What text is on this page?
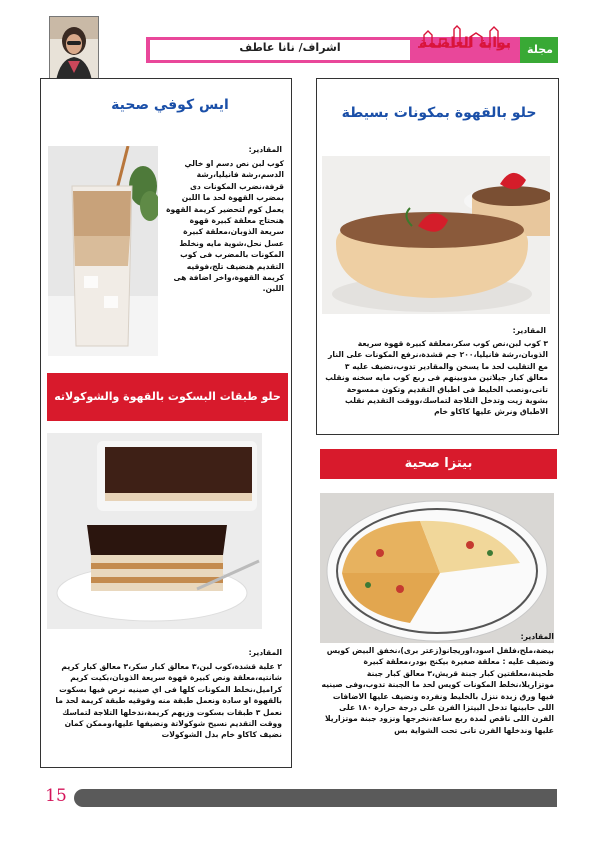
اشراف/ نانا عاطف	مجلة
بوابة العاصمة
ايس كوفي صحية
المقادير:
كوب لبن نص دسم او خالي الدسم،رشة فانيليا،رشة قرفة،نضرب المكونات دى بمضرب القهوة لحد ما اللبن يعمل كوم لتحضير كريمة القهوة هنحتاج معلقة كبيرة قهوة سريعة الذوبان،معلقة كبيرة عسل نحل،شوية مايه ونخلط المكونات بالمضرب فى كوب التقديم هنضيف تلج،فوقيه كريمة القهوة،واخر اضافة هى اللبن.
حلو طبقات البسكوت بالقهوة والشوكولاته
المقادير:
٢ علبة قشدة،كوب لبن،٣ معالق كبار سكر،٣ معالق كبار كريم شانتيه،معلقة ونص كبيرة قهوة سريعة الذوبان،بكيت كريم كراميل،نخلط المكونات كلها فى اي صينيه نرص فيها بسكوت بالقهوة او سادة ونعمل طبقة منه وفوقيه طبقة كريمة لحد ما نعمل ٣ طبقات بسكوت وزيهم كريمة،ندخلها التلاجة لتماسك ووقت التقديم نسيح شوكولاتة ونضيفها عليها،وممكن كمان نضيف كاكاو خام بدل الشوكولات
حلو بالقهوة بمكونات بسيطة
المقادير:
٣ كوب لبن،نص كوب سكر،معلقة كبيرة قهوة سريعة الذوبان،رشة فانيليا،٢٠٠ جم قشدة،نرفع المكونات على النار مع التقليب لحد ما يسخن والمقادير تدوب،نضيف عليه ٣ معالق كبار جيلاتين مدوبينهم فى ربع كوب مايه سخنه ونقلب تانى،ونصب الخليط فى اطباق التقديم وتكون ممسوحة بشوية زيت وتدخل التلاجة لتماسك،ووقت التقديم نقلب الاطباق ونرش عليها كاكاو خام
بيتزا صحية
المقادير:
بيضة،ملح،فلفل اسود،اوريجانو(زعتر برى)،نخفق البيض كويس ونضيف عليه : معلقة صغيرة بيكنج بودر،معلقة كبيرة طحينة،معلقتين كبار جبنة قريش،٣ معالق كبار جبنة موتزاريلا،نخلط المكونات كويس لحد ما الجبنة تدوب،وفى صينيه فيها ورق زبدة ننزل بالخليط ونفرده ونضيف عليها الاضافات اللى حابينها تدخل البيتزا الفرن على درجة حرارة ١٨٠ على الفرن اللى ناقص لمدة ربع ساعة،نخرجها ونزود جبنة موتزاريلا عليها وندخلها الفرن تانى تحت الشواية بس
15
